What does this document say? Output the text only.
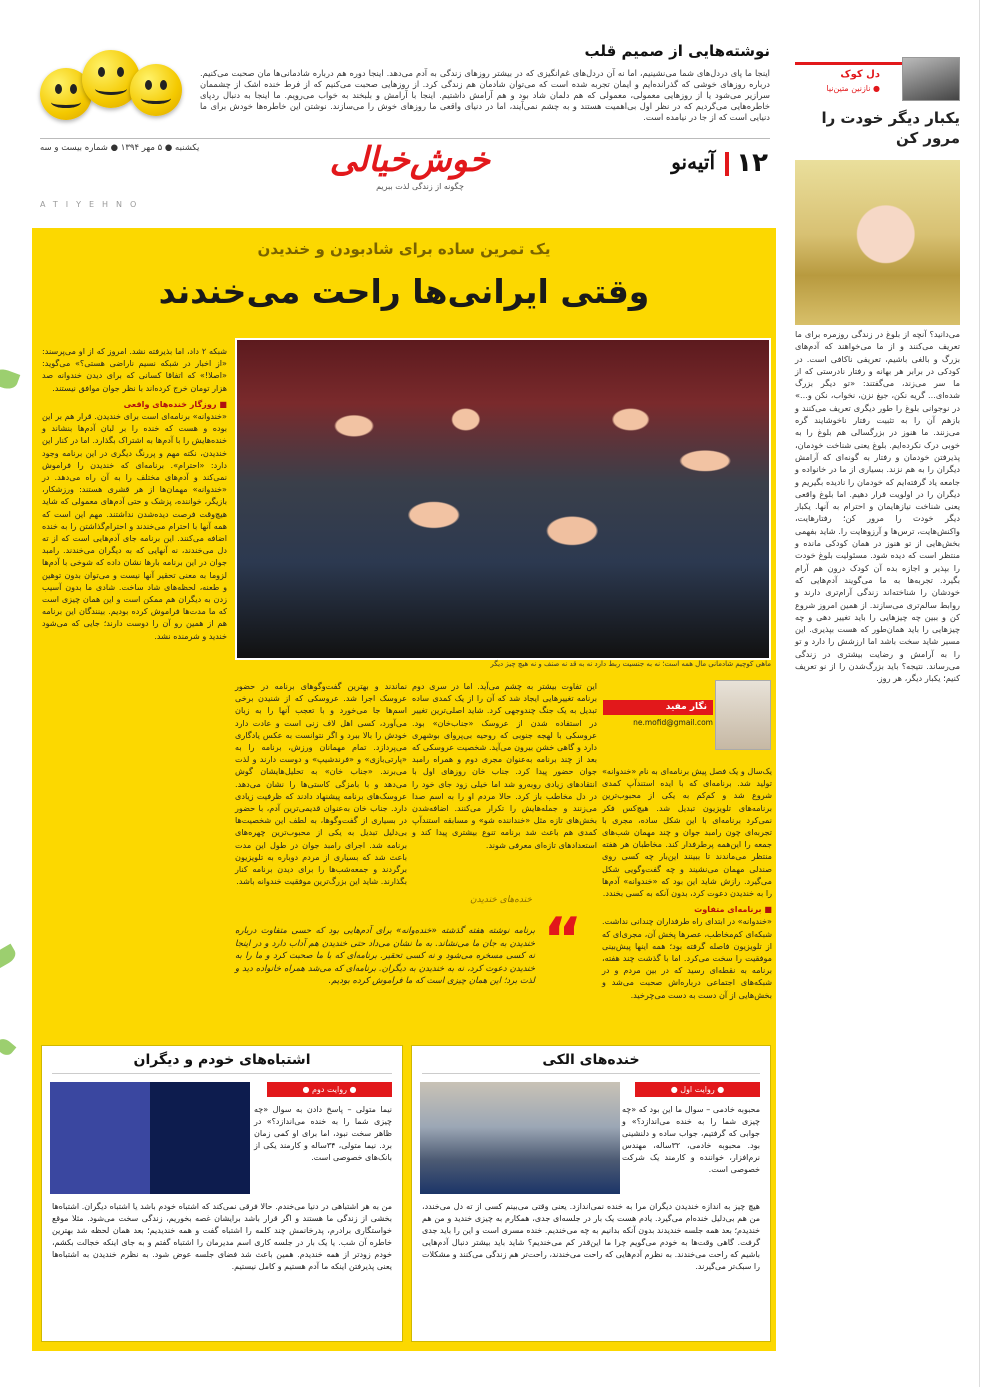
نوشته‌هایی از صمیم قلب
اینجا ما پای دردل‌های شما می‌نشینیم، اما نه آن دردل‌های غم‌انگیزی که در بیشتر روزهای زندگی به آدم می‌دهد. اینجا دوره هم درباره شادمانی‌ها مان صحبت می‌کنیم. درباره روزهای خوشی که گذرانده‌ایم و ایمان تجربه شده است که می‌توان شادمان هم زندگی کرد. از روزهایی صحبت می‌کنیم که از فرط خنده اشک از چشممان سرازیر می‌شود یا از روزهایی معمولی، معمولی که هم دلمان شاد بود و هم آرامش داشتیم. اینجا با آرامش و بلبخند به خواب می‌رویم. ما اینجا به دنبال ردپای خاطره‌هایی می‌گردیم که در نظر اول بی‌اهمیت هستند و به چشم نمی‌آیند، اما در دنیای واقعی ما روزهای خوش را می‌سازند. نوشتن این خاطره‌ها خودش برای ما دنیایی است که از جا در نیامده است.
یکشنبه ● ۵ مهر ۱۳۹۴ ● شماره بیست و سه
ATIYEHNO
خوش‌خیالی
چگونه از زندگی لذت ببریم
۱۲
آتیه‌نو
دل کوک
● نازنین متین‌نیا
یکبار دیگر خودت را مرور کن
می‌دانید؟ آنچه از بلوغ در زندگی روزمره برای ما تعریف می‌کنند و از ما می‌خواهند که آدم‌های بزرگ و بالغی باشیم، تعریفی ناکافی است. در کودکی در برابر هر بهانه و رفتار نادرستی که از ما سر می‌زند، می‌گفتند: «تو دیگر بزرگ شده‌ای... گریه نکن، جیغ نزن، نخواب، نکن و...» در نوجوانی بلوغ را طور دیگری تعریف می‌کنند و بازهم آن را به تثبیت رفتار ناخوشایند گره می‌زنند. ما هنوز در بزرگسالی هم بلوغ را به خوبی درک نکرده‌ایم. بلوغ یعنی شناخت خودمان، پذیرفتن خودمان و رفتار به گونه‌ای که آرامش دیگران را به هم نزند. بسیاری از ما در خانواده و جامعه یاد گرفته‌ایم که خودمان را نادیده بگیریم و دیگران را در اولویت قرار دهیم. اما بلوغ واقعی یعنی شناخت نیازهایمان و احترام به آنها. یکبار دیگر خودت را مرور کن؛ رفتارهایت، واکنش‌هایت، ترس‌ها و آرزوهایت را. شاید بفهمی بخش‌هایی از تو هنوز در همان کودکی مانده و منتظر است که دیده شود. مسئولیت بلوغ خودت را بپذیر و اجازه بده آن کودک درون هم آرام بگیرد. تجربه‌ها به ما می‌گویند آدم‌هایی که خودشان را شناخته‌اند زندگی آرام‌تری دارند و روابط سالم‌تری می‌سازند. از همین امروز شروع کن و ببین چه چیزهایی را باید تغییر دهی و چه چیزهایی را باید همان‌طور که هست بپذیری. این مسیر شاید سخت باشد اما ارزشش را دارد و تو را به آرامش و رضایت بیشتری در زندگی می‌رساند. نتیجه؟ باید بزرگ‌شدن را از نو تعریف کنیم؛ یکبار دیگر، هر روز.
یک تمرین ساده برای شادبودن و خندیدن
وقتی ایرانی‌ها راحت می‌خندند
ماهی کوچیم شادمانی مال همه است؛ نه به جنسیت ربط دارد نه به قد نه صنف و نه هیچ چیز دیگر

شبکه ۲ داد، اما بذیرفته نشد. امروز که از او می‌پرسند: «از اخبار در شبکه نسیم ناراضی هستی؟» می‌گوید: «اصلا!» که اتفاقا کسانی که برای دیدن خندوانه صد هزار تومان خرج کرده‌اند با نظر جوان موافق نیستند.

■ روزگار خنده‌های واقعی

«خندوانه» برنامه‌ای است برای خندیدن. قرار هم بر این بوده و هست که خنده را بر لبان آدم‌ها بنشاند و خنده‌هایش را با آدم‌ها به اشتراک بگذارد. اما در کنار این خندیدن، نکته مهم و پررنگ دیگری در این برنامه وجود دارد: «احترام». برنامه‌ای که خندیدن را فراموش نمی‌کند و آدم‌های مختلف را به آن راه می‌دهد. در «خندوانه» مهمان‌ها از هر قشری هستند: ورزشکار، بازیگر، خواننده، پزشک و حتی آدم‌های معمولی که شاید هیچ‌وقت فرصت دیده‌شدن نداشتند. مهم این است که همه آنها با احترام می‌خندند و احترام‌گذاشتن را به خنده اضافه می‌کنند. این برنامه جای آدم‌هایی است که از ته دل می‌خندند، نه آنهایی که به دیگران می‌خندند. رامبد جوان در این برنامه بارها نشان داده که شوخی با آدم‌ها لزوما به معنی تحقیر آنها نیست و می‌توان بدون توهین و طعنه، لحظه‌های شاد ساخت. شادی ما بدون آسیب زدن به دیگران هم ممکن است و این همان چیزی است که ما مدت‌ها فراموش کرده بودیم. بینندگان این برنامه هم از همین رو آن را دوست دارند؛ جایی که می‌شود خندید و شرمنده نشد.

نماندند و بهترین گفت‌وگوهای برنامه در حضور عروسک اجرا شد. عروسکی که از شنیدن برخی اسم‌ها جا می‌خورد و با تعجب آنها را به زبان می‌آورد، کسی اهل لاف زنی است و عادت دارد خودش را بالا ببرد و اگر نتوانست به عکس یادگاری می‌پردازد. تمام مهمانان ورزش، برنامه را به «پارتی‌بازی» و «فرندشیپ» و دوست دارند و لذت می‌برند. «جناب خان» به تحلیل‌هایشان گوش می‌دهد و با بامزگی کاستی‌ها را نشان می‌دهد. عروسک‌های برنامه پیشنهاد دادند که ظرفیت زیادی دارد. جناب خان به‌عنوان قدیمی‌ترین آدم، با حضور در بسیاری از گفت‌وگوها، به لطف این شخصیت‌ها بی‌دلیل تبدیل به یکی از محبوب‌ترین چهره‌های برنامه شد. اجرای رامبد جوان در طول این مدت باعث شد که بسیاری از مردم دوباره به تلویزیون برگردند و جمعه‌شب‌ها را برای دیدن برنامه کنار بگذارند. شاید این بزرگ‌ترین موفقیت خندوانه باشد.

این تفاوت بیشتر به چشم می‌آید. اما در سری دوم برنامه تغییر‌هایی ایجاد شد که آن را از یک کمدی ساده تبدیل به یک جنگ چندوجهی کرد. شاید اصلی‌ترین تغییر در استفاده شدن از عروسک «جناب‌خان» بود. عروسکی با لهجه جنوبی که روحیه بی‌پروای بوشهری دارد و گاهی خشن بیرون می‌آید. شخصیت عروسکی که بعد از چند برنامه به‌عنوان مجری دوم و همراه رامبد جوان حضور پیدا کرد. جناب خان روزهای اول با انتقادهای زیادی روبه‌رو شد اما خیلی زود جای خود را در دل مخاطب باز کرد. حالا مردم او را به اسم صدا می‌زنند و جمله‌هایش را تکرار می‌کنند. اضافه‌شدن بخش‌های تازه مثل «خنداننده شو» و مسابقه استندآپ کمدی هم باعث شد برنامه تنوع بیشتری پیدا کند و استعدادهای تازه‌ای معرفی شوند.

نگار مفید
ne.mofid@gmail.com

یک‌سال و یک فصل پیش برنامه‌ای به نام «خندوانه» تولید شد. برنامه‌ای که با ایده استندآپ کمدی شروع شد و کم‌کم به یکی از محبوب‌ترین برنامه‌های تلویزیون تبدیل شد. هیچ‌کس فکر نمی‌کرد برنامه‌ای با این شکل ساده، مجری با تجربه‌ای چون رامبد جوان و چند مهمان شب‌های جمعه را این‌همه پرطرفدار کند. مخاطبان هر هفته منتظر می‌ماندند تا ببینند این‌بار چه کسی روی صندلی مهمان می‌نشیند و چه گفت‌وگویی شکل می‌گیرد. رازش شاید این بود که «خندوانه» آدم‌ها را به خندیدن دعوت کرد، بدون آنکه به کسی بخندد.

■ برنامه‌ای متفاوت

«خندوانه» در ابتدای راه طرفداران چندانی نداشت. شبکه‌ای کم‌مخاطب، عصرها پخش آن، مجری‌ای که از تلویزیون فاصله گرفته بود؛ همه اینها پیش‌بینی موفقیت را سخت می‌کرد. اما با گذشت چند هفته، برنامه به نقطه‌ای رسید که در بین مردم و در شبکه‌های اجتماعی درباره‌اش صحبت می‌شد و بخش‌هایی از آن دست به دست می‌چرخید.

خنده‌های خندیدن
“
برنامه نوشته هفته گذشته «خنده‌وانه» برای آدم‌هایی بود که حسی متفاوت درباره خندیدن به جان ما می‌نشاند. به ما نشان می‌داد حتی خندیدن هم آداب دارد و در اینجا نه کسی مسخره می‌شود و نه کسی تحقیر. برنامه‌ای که با ما صحبت کرد و ما را به خندیدن دعوت کرد، نه به خندیدن به دیگران. برنامه‌ای که می‌شد همراه خانواده دید و لذت برد؛ این همان چیزی است که ما فراموش کرده بودیم.
خنده‌های الکی
● روایت اول ●
محبوبه خادمی – سوال ما این بود که «چه چیزی شما را به خنده می‌اندازد؟» و جوابی که گرفتیم، جواب ساده و دلنشینی بود. محبوبه خادمی، ۳۲ساله، مهندس نرم‌افزار، خواننده و کارمند یک شرکت خصوصی است.
هیچ چیز به اندازه خندیدن دیگران مرا به خنده نمی‌اندازد. یعنی وقتی می‌بینم کسی از ته دل می‌خندد، من هم بی‌دلیل خنده‌ام می‌گیرد. یادم هست یک بار در جلسه‌ای جدی، همکارم به چیزی خندید و من هم خندیدم؛ بعد همه جلسه خندیدند بدون آنکه بدانیم به چه می‌خندیم. خنده مسری است و این را باید جدی گرفت. گاهی وقت‌ها به خودم می‌گویم چرا ما این‌قدر کم می‌خندیم؟ شاید باید بیشتر دنبال آدم‌هایی باشیم که راحت می‌خندند. به نظرم آدم‌هایی که راحت می‌خندند، راحت‌تر هم زندگی می‌کنند و مشکلات را سبک‌تر می‌گیرند.
اشتباه‌های خودم و دیگران
● روایت دوم ●
نیما متولی – پاسخ دادن به سوال «چه چیزی شما را به خنده می‌اندازد؟» در ظاهر سخت نبود، اما برای او کمی زمان برد. نیما متولی، ۳۴ساله و کارمند یکی از بانک‌های خصوصی است.
من به هر اشتباهی در دنیا می‌خندم. حالا فرقی نمی‌کند که اشتباه خودم باشد یا اشتباه دیگران. اشتباه‌ها بخشی از زندگی ما هستند و اگر قرار باشد برایشان غصه بخوریم، زندگی سخت می‌شود. مثلا موقع خواستگاری برادرم، پدرخانمش چند کلمه را اشتباه گفت و همه خندیدیم؛ بعد همان لحظه شد بهترین خاطره آن شب. یا یک بار در جلسه کاری اسم مدیرمان را اشتباه گفتم و به جای اینکه خجالت بکشم، خودم زودتر از همه خندیدم. همین باعث شد فضای جلسه عوض شود. به نظرم خندیدن به اشتباه‌ها یعنی پذیرفتن اینکه ما آدم هستیم و کامل نیستیم.
